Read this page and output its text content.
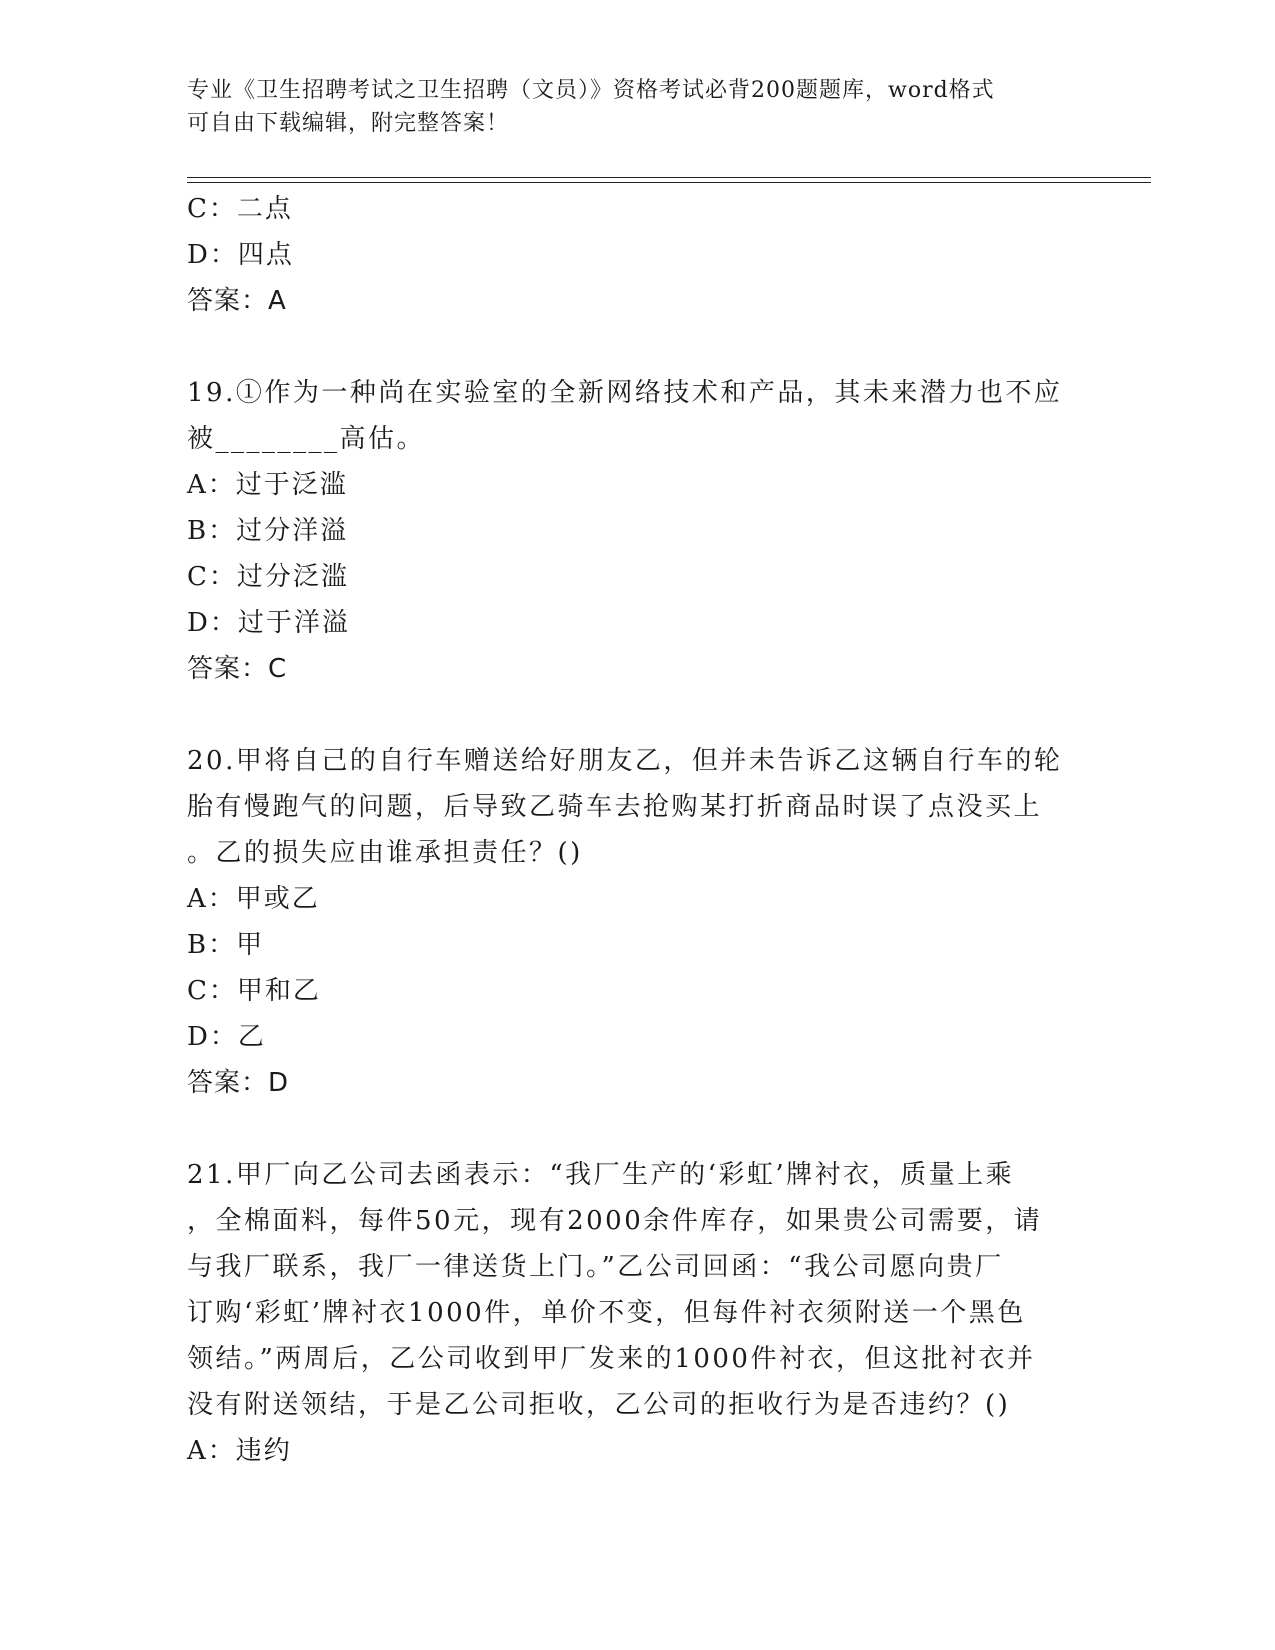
专业《卫生招聘考试之卫生招聘（文员）》资格考试必背200题题库，word格式
可自由下载编辑，附完整答案！
C：二点
D：四点
答案：A
19.①作为一种尚在实验室的全新网络技术和产品，其未来潜力也不应
被________高估。
A：过于泛滥
B：过分洋溢
C：过分泛滥
D：过于洋溢
答案：C
20.甲将自己的自行车赠送给好朋友乙，但并未告诉乙这辆自行车的轮
胎有慢跑气的问题，后导致乙骑车去抢购某打折商品时误了点没买上
。乙的损失应由谁承担责任？()
A：甲或乙
B：甲
C：甲和乙
D：乙
答案：D
21.甲厂向乙公司去函表示：“我厂生产的‘彩虹’牌衬衣，质量上乘
，全棉面料，每件50元，现有2000余件库存，如果贵公司需要，请
与我厂联系，我厂一律送货上门。”乙公司回函：“我公司愿向贵厂
订购‘彩虹’牌衬衣1000件，单价不变，但每件衬衣须附送一个黑色
领结。”两周后，乙公司收到甲厂发来的1000件衬衣，但这批衬衣并
没有附送领结，于是乙公司拒收，乙公司的拒收行为是否违约？()
A：违约
